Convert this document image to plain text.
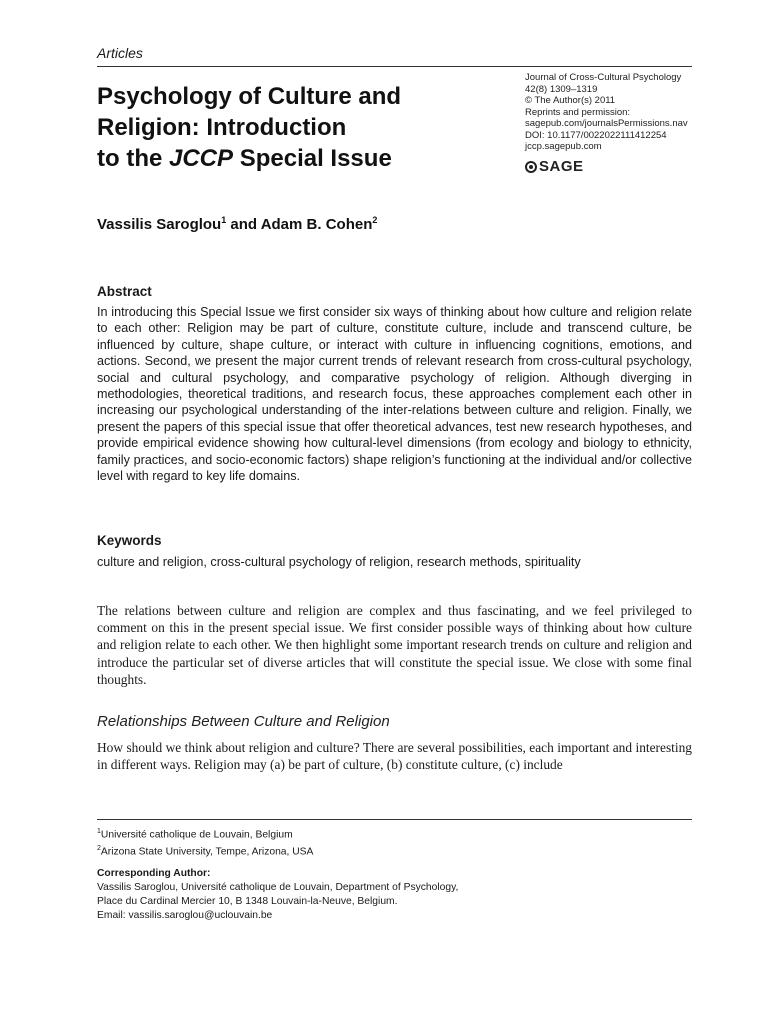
Articles
Psychology of Culture and
Religion: Introduction
to the JCCP Special Issue
Journal of Cross-Cultural Psychology
42(8) 1309–1319
© The Author(s) 2011
Reprints and permission:
sagepub.com/journalsPermissions.nav
DOI: 10.1177/0022022111412254
jccp.sagepub.com
SAGE
Vassilis Saroglou$^1$ and Adam B. Cohen$^2$
Abstract
In introducing this Special Issue we first consider six ways of thinking about how culture and religion relate to each other: Religion may be part of culture, constitute culture, include and transcend culture, be influenced by culture, shape culture, or interact with culture in influencing cognitions, emotions, and actions. Second, we present the major current trends of relevant research from cross-cultural psychology, social and cultural psychology, and comparative psychology of religion. Although diverging in methodologies, theoretical traditions, and research focus, these approaches complement each other in increasing our psychological understanding of the inter-relations between culture and religion. Finally, we present the papers of this special issue that offer theoretical advances, test new research hypotheses, and provide empirical evidence showing how cultural-level dimensions (from ecology and biology to ethnicity, family practices, and socio-economic factors) shape religion’s functioning at the individual and/or collective level with regard to key life domains.
Keywords
culture and religion, cross-cultural psychology of religion, research methods, spirituality
The relations between culture and religion are complex and thus fascinating, and we feel privileged to comment on this in the present special issue. We first consider possible ways of thinking about how culture and religion relate to each other. We then highlight some important research trends on culture and religion and introduce the particular set of diverse articles that will constitute the special issue. We close with some final thoughts.
Relationships Between Culture and Religion
How should we think about religion and culture? There are several possibilities, each important and interesting in different ways. Religion may (a) be part of culture, (b) constitute culture, (c) include
$^1$Université catholique de Louvain, Belgium
$^2$Arizona State University, Tempe, Arizona, USA
Corresponding Author:
Vassilis Saroglou, Université catholique de Louvain, Department of Psychology,
Place du Cardinal Mercier 10, B 1348 Louvain-la-Neuve, Belgium.
Email: vassilis.saroglou@uclouvain.be
